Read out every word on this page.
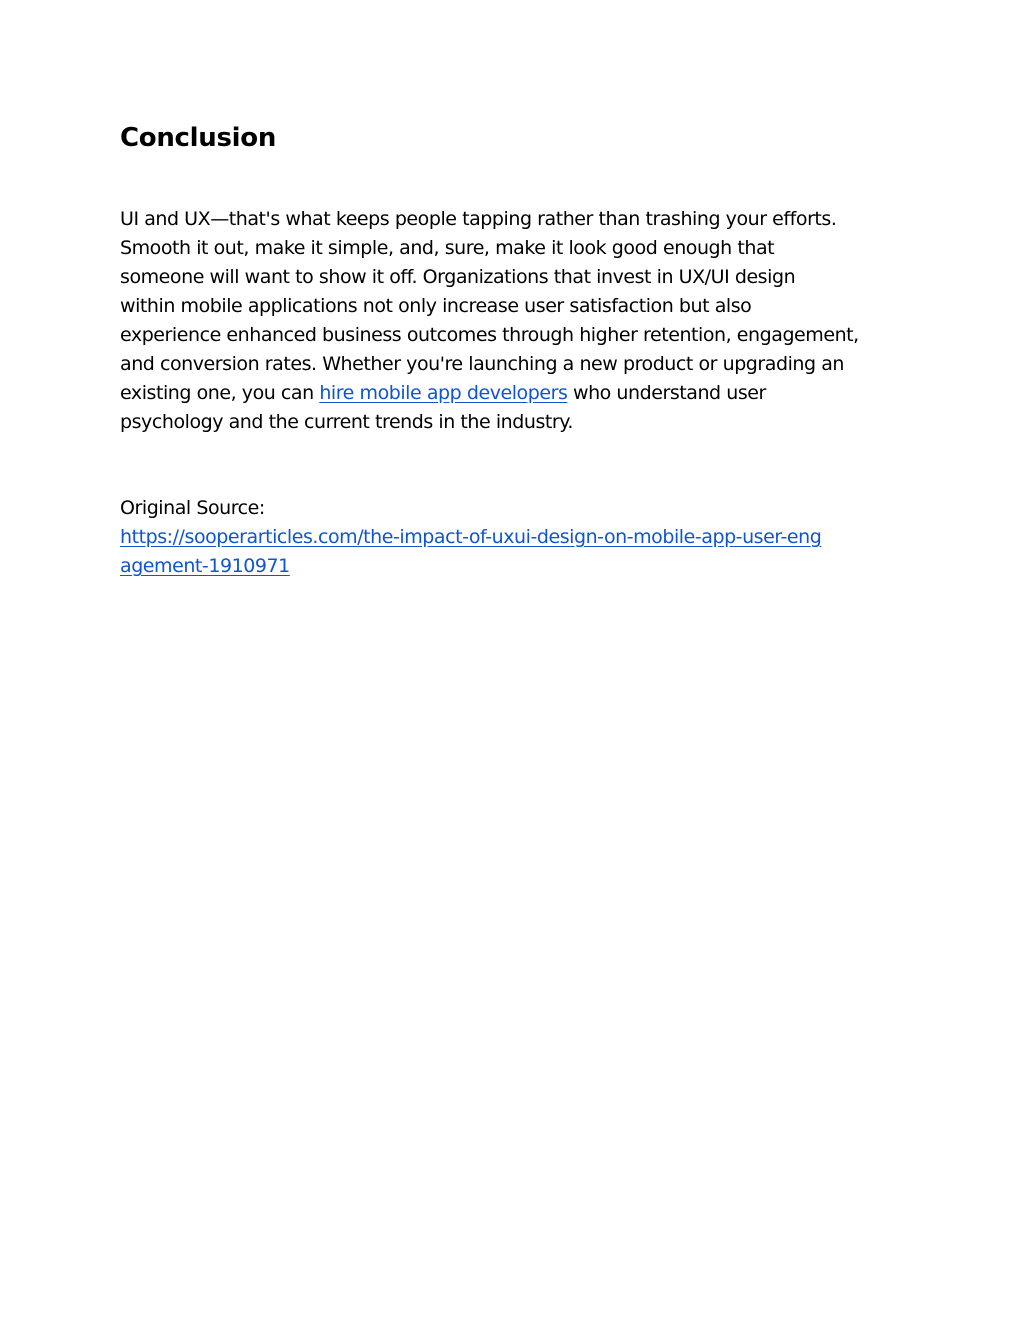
Conclusion

UI and UX—that's what keeps people tapping rather than trashing your efforts.
Smooth it out, make it simple, and, sure, make it look good enough that
someone will want to show it off. Organizations that invest in UX/UI design
within mobile applications not only increase user satisfaction but also
experience enhanced business outcomes through higher retention, engagement,
and conversion rates. Whether you're launching a new product or upgrading an
existing one, you can hire mobile app developers who understand user
psychology and the current trends in the industry.

Original Source:
https://sooperarticles.com/the-impact-of-uxui-design-on-mobile-app-user-eng
agement-1910971
